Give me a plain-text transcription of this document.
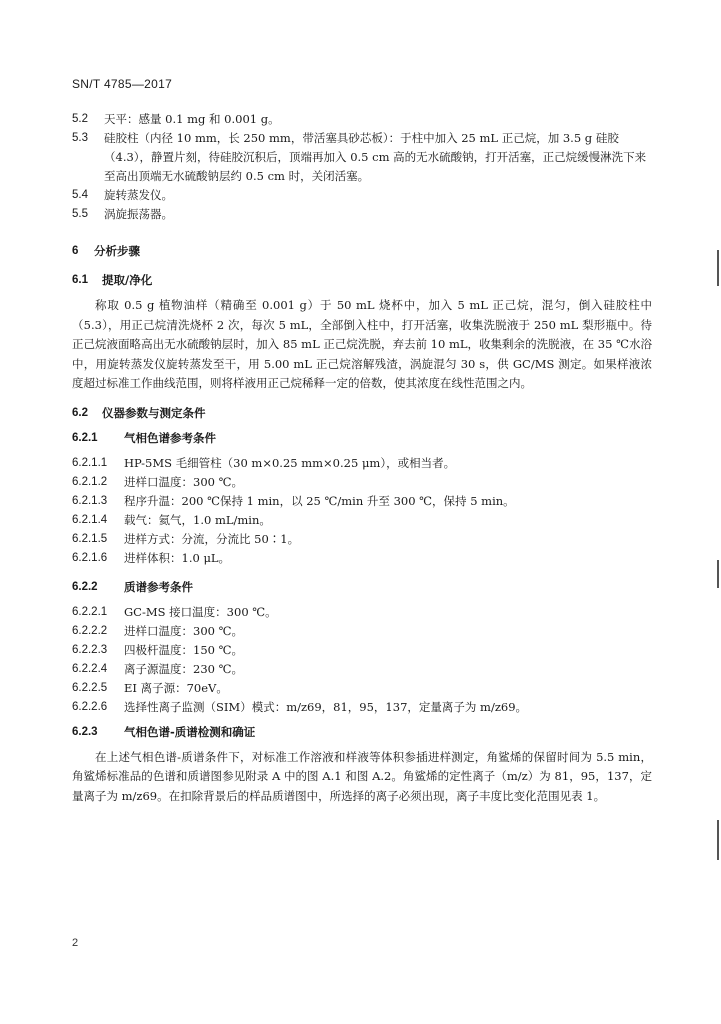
SN/T 4785—2017
5.2	天平：感量 0.1 mg 和 0.001 g。
5.3	硅胶柱（内径 10 mm，长 250 mm，带活塞具砂芯板）：于柱中加入 25 mL 正己烷，加 3.5 g 硅胶（4.3），静置片刻，待硅胶沉积后，顶端再加入 0.5 cm 高的无水硫酸钠，打开活塞，正己烷缓慢淋洗下来至高出顶端无水硫酸钠层约 0.5 cm 时，关闭活塞。
5.4	旋转蒸发仪。
5.5	涡旋振荡器。
6	分析步骤
6.1	提取/净化
称取 0.5 g 植物油样（精确至 0.001 g）于 50 mL 烧杯中，加入 5 mL 正己烷，混匀，倒入硅胶柱中（5.3），用正己烷清洗烧杯 2 次，每次 5 mL，全部倒入柱中，打开活塞，收集洗脱液于 250 mL 梨形瓶中。待正己烷液面略高出无水硫酸钠层时，加入 85 mL 正己烷洗脱，弃去前 10 mL，收集剩余的洗脱液，在 35 ℃水浴中，用旋转蒸发仪旋转蒸发至干，用 5.00 mL 正己烷溶解残渣，涡旋混匀 30 s，供 GC/MS 测定。如果样液浓度超过标准工作曲线范围，则将样液用正己烷稀释一定的倍数，使其浓度在线性范围之内。
6.2	仪器参数与测定条件
6.2.1	气相色谱参考条件
6.2.1.1	HP-5MS 毛细管柱（30 m×0.25 mm×0.25 μm），或相当者。
6.2.1.2	进样口温度：300 ℃。
6.2.1.3	程序升温：200 ℃保持 1 min，以 25 ℃/min 升至 300 ℃，保持 5 min。
6.2.1.4	载气：氦气，1.0 mL/min。
6.2.1.5	进样方式：分流，分流比 50∶1。
6.2.1.6	进样体积：1.0 μL。
6.2.2	质谱参考条件
6.2.2.1	GC-MS 接口温度：300 ℃。
6.2.2.2	进样口温度：300 ℃。
6.2.2.3	四极杆温度：150 ℃。
6.2.2.4	离子源温度：230 ℃。
6.2.2.5	EI 离子源：70eV。
6.2.2.6	选择性离子监测（SIM）模式：m/z69，81，95，137，定量离子为 m/z69。
6.2.3	气相色谱-质谱检测和确证
在上述气相色谱-质谱条件下，对标准工作溶液和样液等体积参插进样测定，角鲨烯的保留时间为 5.5 min，角鲨烯标准品的色谱和质谱图参见附录 A 中的图 A.1 和图 A.2。角鲨烯的定性离子（m/z）为 81，95，137，定量离子为 m/z69。在扣除背景后的样品质谱图中，所选择的离子必须出现，离子丰度比变化范围见表 1。
2
